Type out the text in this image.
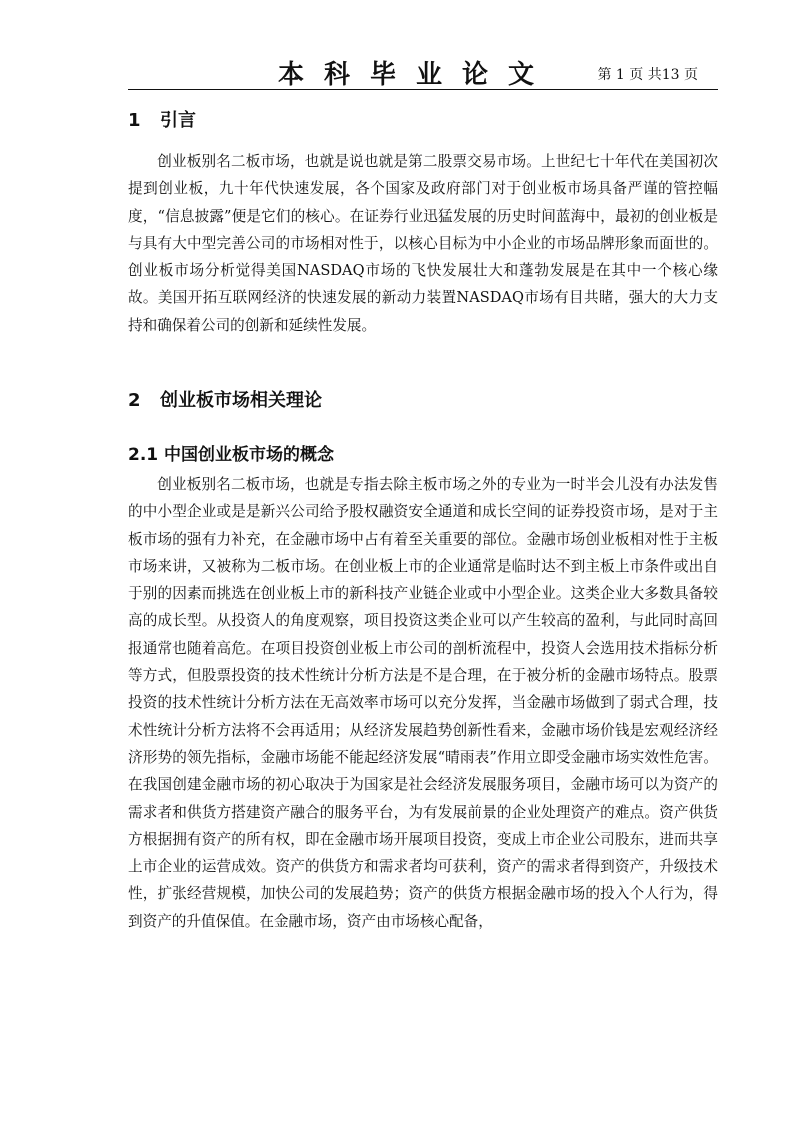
本科毕业论文	第 1 页 共13 页
1 引言

创业板别名二板市场，也就是说也就是第二股票交易市场。上世纪七十年代在美国初次提到创业板，九十年代快速发展，各个国家及政府部门对于创业板市场具备严谨的管控幅度，“信息披露”便是它们的核心。在证券行业迅猛发展的历史时间蓝海中，最初的创业板是与具有大中型完善公司的市场相对性于，以核心目标为中小企业的市场品牌形象而面世的。创业板市场分析觉得美国NASDAQ市场的飞快发展壮大和蓬勃发展是在其中一个核心缘故。美国开拓互联网经济的快速发展的新动力装置NASDAQ市场有目共睹，强大的大力支持和确保着公司的创新和延续性发展。

2 创业板市场相关理论
2.1 中国创业板市场的概念

创业板别名二板市场，也就是专指去除主板市场之外的专业为一时半会儿没有办法发售的中小型企业或是是新兴公司给予股权融资安全通道和成长空间的证券投资市场，是对于主板市场的强有力补充，在金融市场中占有着至关重要的部位。金融市场创业板相对性于主板市场来讲，又被称为二板市场。在创业板上市的企业通常是临时达不到主板上市条件或出自于别的因素而挑选在创业板上市的新科技产业链企业或中小型企业。这类企业大多数具备较高的成长型。从投资人的角度观察，项目投资这类企业可以产生较高的盈利，与此同时高回报通常也随着高危。在项目投资创业板上市公司的剖析流程中，投资人会选用技术指标分析等方式，但股票投资的技术性统计分析方法是不是合理，在于被分析的金融市场特点。股票投资的技术性统计分析方法在无高效率市场可以充分发挥，当金融市场做到了弱式合理，技术性统计分析方法将不会再适用；从经济发展趋势创新性看来，金融市场价钱是宏观经济经济形势的领先指标，金融市场能不能起经济发展“晴雨表”作用立即受金融市场实效性危害。在我国创建金融市场的初心取决于为国家是社会经济发展服务项目，金融市场可以为资产的需求者和供货方搭建资产融合的服务平台，为有发展前景的企业处理资产的难点。资产供货方根据拥有资产的所有权，即在金融市场开展项目投资，变成上市企业公司股东，进而共享上市企业的运营成效。资产的供货方和需求者均可获利，资产的需求者得到资产，升级技术性，扩张经营规模，加快公司的发展趋势；资产的供货方根据金融市场的投入个人行为，得到资产的升值保值。在金融市场，资产由市场核心配备，
